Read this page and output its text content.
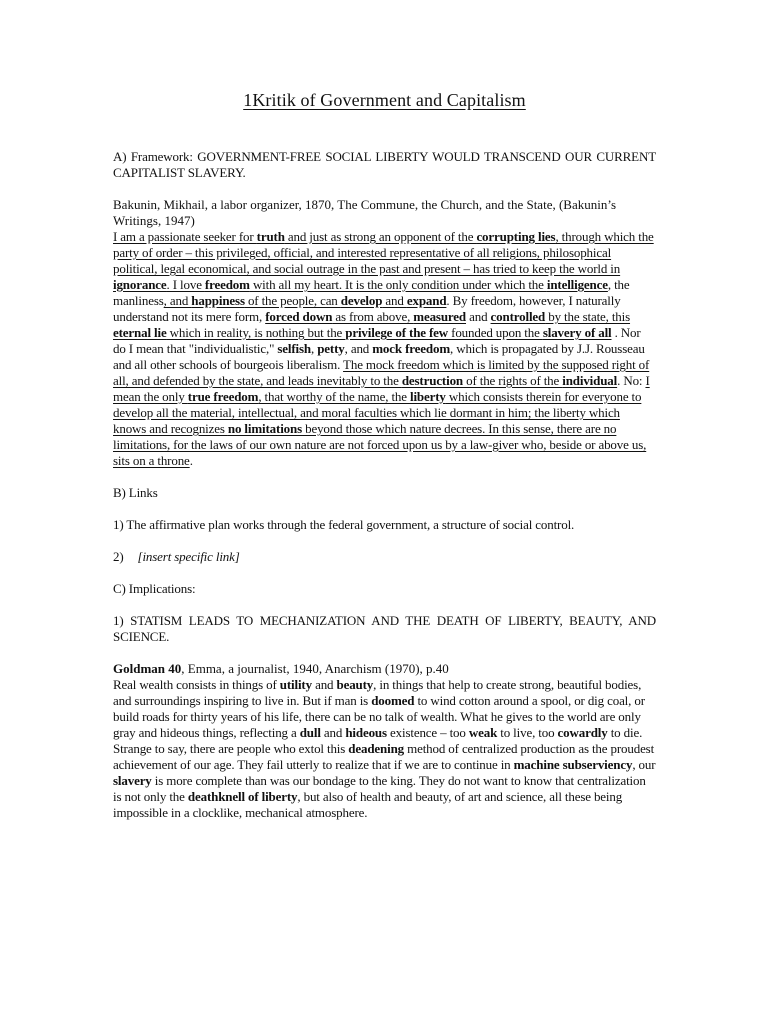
1Kritik of Government and Capitalism

A) Framework: GOVERNMENT-FREE SOCIAL LIBERTY WOULD TRANSCEND OUR CURRENT CAPITALIST SLAVERY.

Bakunin, Mikhail, a labor organizer, 1870, The Commune, the Church, and the State, (Bakunin’s Writings, 1947)

I am a passionate seeker for truth and just as strong an opponent of the corrupting lies, through which the party of order – this privileged, official, and interested representative of all religions, philosophical political, legal economical, and social outrage in the past and present – has tried to keep the world in ignorance. I love freedom with all my heart. It is the only condition under which the intelligence, the manliness, and happiness of the people, can develop and expand. By freedom, however, I naturally understand not its mere form, forced down as from above, measured and controlled by the state, this eternal lie which in reality, is nothing but the privilege of the few founded upon the slavery of all . Nor do I mean that "individualistic," selfish, petty, and mock freedom, which is propagated by J.J. Rousseau and all other schools of bourgeois liberalism. The mock freedom which is limited by the supposed right of all, and defended by the state, and leads inevitably to the destruction of the rights of the individual. No: I mean the only true freedom, that worthy of the name, the liberty which consists therein for everyone to develop all the material, intellectual, and moral faculties which lie dormant in him; the liberty which knows and recognizes no limitations beyond those which nature decrees. In this sense, there are no limitations, for the laws of our own nature are not forced upon us by a law-giver who, beside or above us, sits on a throne.

B) Links

1) The affirmative plan works through the federal government, a structure of social control.

2) [insert specific link]

C) Implications:

1) STATISM LEADS TO MECHANIZATION AND THE DEATH OF LIBERTY, BEAUTY, AND SCIENCE.

Goldman 40, Emma, a journalist, 1940, Anarchism (1970), p.40

Real wealth consists in things of utility and beauty, in things that help to create strong, beautiful bodies, and surroundings inspiring to live in. But if man is doomed to wind cotton around a spool, or dig coal, or build roads for thirty years of his life, there can be no talk of wealth. What he gives to the world are only gray and hideous things, reflecting a dull and hideous existence – too weak to live, too cowardly to die. Strange to say, there are people who extol this deadening method of centralized production as the proudest achievement of our age. They fail utterly to realize that if we are to continue in machine subserviency, our slavery is more complete than was our bondage to the king. They do not want to know that centralization is not only the deathknell of liberty, but also of health and beauty, of art and science, all these being impossible in a clocklike, mechanical atmosphere.
